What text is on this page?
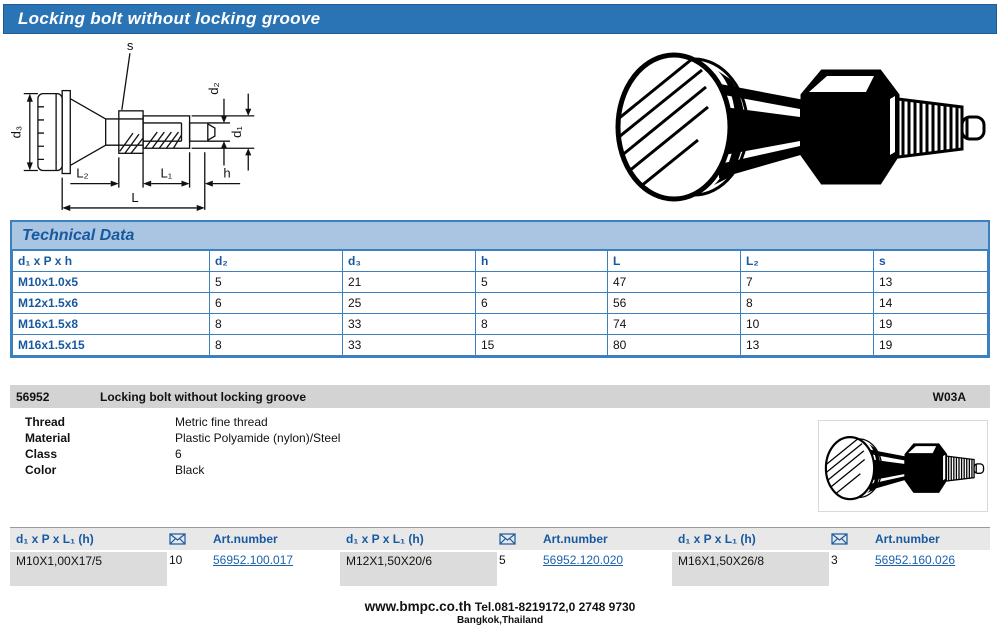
Locking bolt without locking groove
s
d₃
d₂
d₁
L₂	L₁	h
L
Technical Data
d₁ x P x h	d₂	d₃	h	L	L₂	s
M10x1.0x5	5	21	5	47	7	13
M12x1.5x6	6	25	6	56	8	14
M16x1.5x8	8	33	8	74	10	19
M16x1.5x15	8	33	15	80	13	19
56952	Locking bolt without locking groove	W03A
Thread	Metric fine thread
Material	Plastic Polyamide (nylon)/Steel
Class	6
Color	Black
d₁ x P x L₁ (h)	Art.number	d₁ x P x L₁ (h)	Art.number	d₁ x P x L₁ (h)	Art.number
M10X1,00X17/5	10	56952.100.017	M12X1,50X20/6	5	56952.120.020	M16X1,50X26/8	3	56952.160.026
www.bmpc.co.th Tel.081-8219172,0 2748 9730
Bangkok,Thailand
